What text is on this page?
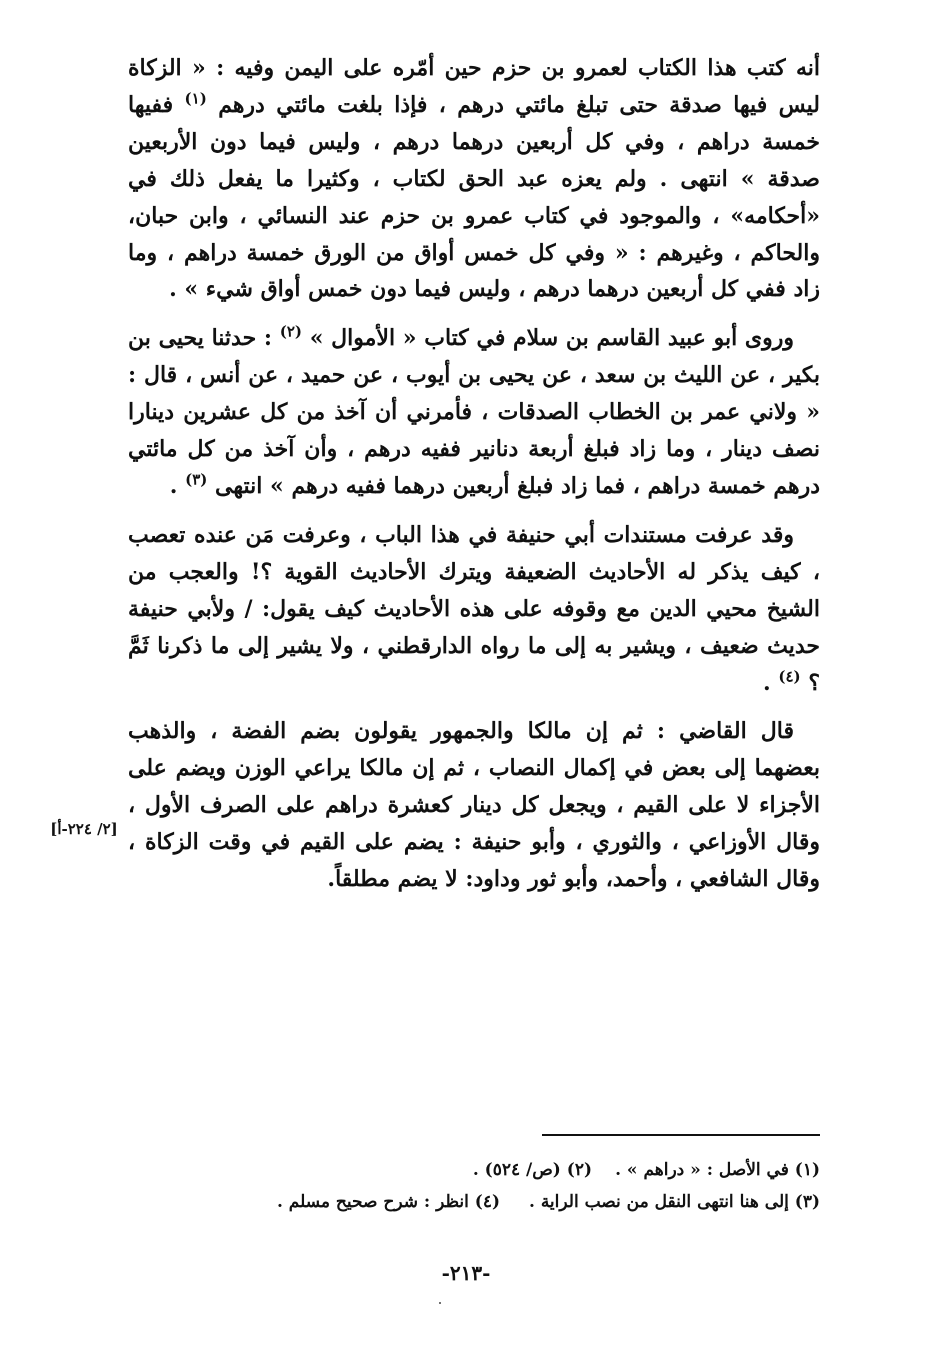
أنه كتب هذا الكتاب لعمرو بن حزم حين أمّره على اليمن وفيه : « الزكاة ليس فيها صدقة حتى تبلغ مائتي درهم ، فإذا بلغت مائتي درهم $^{(١)}$ ففيها خمسة دراهم ، وفي كل أربعين درهما درهم ، وليس فيما دون الأربعين صدقة » انتهى . ولم يعزه عبد الحق لكتاب ، وكثيرا ما يفعل ذلك في «أحكامه» ، والموجود في كتاب عمرو بن حزم عند النسائي ، وابن حبان، والحاكم ، وغيرهم : « وفي كل خمس أواق من الورق خمسة دراهم ، وما زاد ففي كل أربعين درهما درهم ، وليس فيما دون خمس أواق شيء » .

وروى أبو عبيد القاسم بن سلام في كتاب « الأموال » $^{(٢)}$ : حدثنا يحيى بن بكير ، عن الليث بن سعد ، عن يحيى بن أيوب ، عن حميد ، عن أنس ، قال : « ولاني عمر بن الخطاب الصدقات ، فأمرني أن آخذ من كل عشرين دينارا نصف دينار ، وما زاد فبلغ أربعة دنانير ففيه درهم ، وأن آخذ من كل مائتي درهم خمسة دراهم ، فما زاد فبلغ أربعين درهما ففيه درهم » انتهى $^{(٣)}$ .

وقد عرفت مستندات أبي حنيفة في هذا الباب ، وعرفت مَن عنده تعصب ، كيف يذكر له الأحاديث الضعيفة ويترك الأحاديث القوية ؟! والعجب من الشيخ محيي الدين مع وقوفه على هذه الأحاديث كيف يقول: / ولأبي حنيفة حديث ضعيف ، ويشير به إلى ما رواه الدارقطني ، ولا يشير إلى ما ذكرنا ثَمَّ ؟ $^{(٤)}$ .

قال القاضي : ثم إن مالكا والجمهور يقولون بضم الفضة ، والذهب بعضهما إلى بعض في إكمال النصاب ، ثم إن مالكا يراعي الوزن ويضم على الأجزاء لا على القيم ، ويجعل كل دينار كعشرة دراهم على الصرف الأول ، وقال الأوزاعي ، والثوري ، وأبو حنيفة : يضم على القيم في وقت الزكاة ، وقال الشافعي ، وأحمد، وأبو ثور وداود: لا يضم مطلقاً.

[٢/ ٢٢٤-أ]
(١) في الأصل : « دراهم » .
(٢) (ص/ ٥٢٤) .
(٣) إلى هنا انتهى النقل من نصب الراية .
(٤) انظر : شرح صحيح مسلم .
-٢١٣-
